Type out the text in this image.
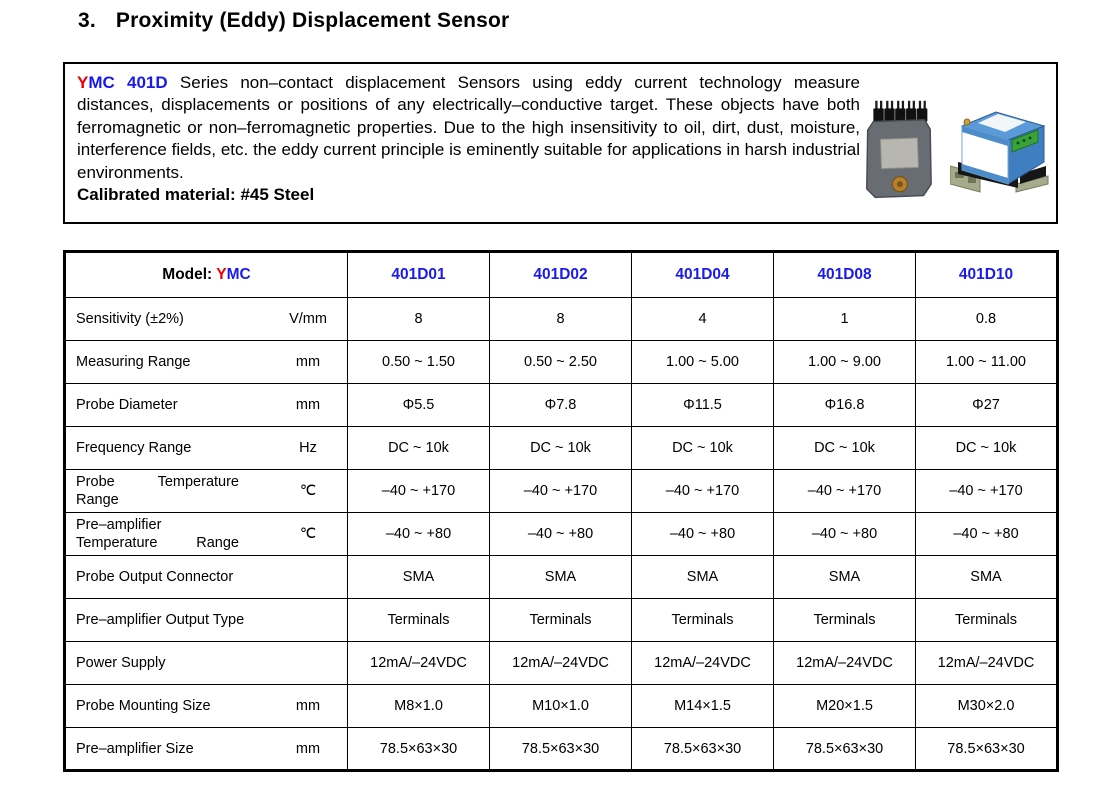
3. Proximity (Eddy) Displacement Sensor

YMC 401D Series non–contact displacement Sensors using eddy current technology measure distances, displacements or positions of any electrically–conductive target. These objects have both ferromagnetic or non–ferromagnetic properties. Due to the high insensitivity to oil, dirt, dust, moisture, interference fields, etc. the eddy current principle is eminently suitable for applications in harsh industrial environments.

Calibrated material: #45 Steel

Model: YMC	401D01	401D02	401D04	401D08	401D10

Sensitivity (±2%) V/mm	8	8	4	1	0.8

Measuring Range mm	0.50 ~ 1.50	0.50 ~ 2.50	1.00 ~ 5.00	1.00 ~ 9.00	1.00 ~ 11.00

Probe Diameter mm	Φ5.5	Φ7.8	Φ11.5	Φ16.8	Φ27

Frequency Range Hz	DC ~ 10k	DC ~ 10k	DC ~ 10k	DC ~ 10k	DC ~ 10k

Probe Temperature
Range
℃	–40 ~ +170	–40 ~ +170	–40 ~ +170	–40 ~ +170	–40 ~ +170

Pre–amplifier
Temperature Range
℃	–40 ~ +80	–40 ~ +80	–40 ~ +80	–40 ~ +80	–40 ~ +80

Probe Output Connector	SMA	SMA	SMA	SMA	SMA

Pre–amplifier Output Type	Terminals	Terminals	Terminals	Terminals	Terminals

Power Supply	12mA/–24VDC	12mA/–24VDC	12mA/–24VDC	12mA/–24VDC	12mA/–24VDC

Probe Mounting Size mm	M8×1.0	M10×1.0	M14×1.5	M20×1.5	M30×2.0

Pre–amplifier Size mm	78.5×63×30	78.5×63×30	78.5×63×30	78.5×63×30	78.5×63×30
